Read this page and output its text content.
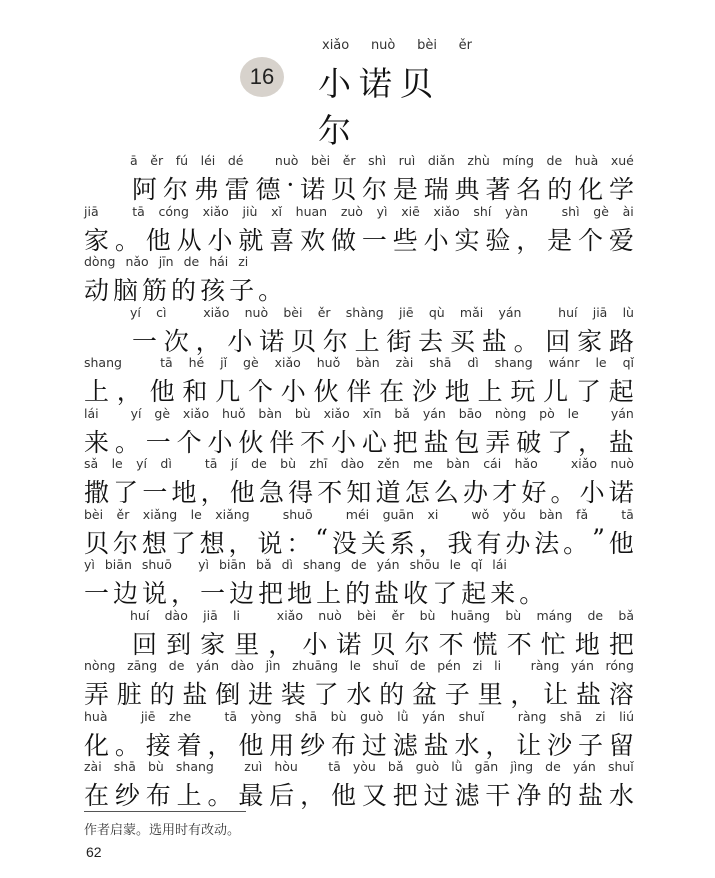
16
xiǎo nuò bèi ěr
小诺贝尔
ā ěr fú léi dé
 	nuò bèi ěr shì ruì diǎn zhù míng de huà xué
阿 尔 弗 雷 德 · 诺 贝 尔 是 瑞 典 著 名 的 化 学
jiā
 	tā cóng xiǎo jiù xǐ huan zuò yì xiē xiǎo shí yàn
 	shì gè ài
家 。 他 从 小 就 喜 欢 做 一 些 小 实 验 ， 是 个 爱
dòng nǎo jīn de hái zi
动 脑 筋 的 孩 子 。
yí cì
 	xiǎo nuò bèi ěr shàng jiē qù mǎi yán
 	huí jiā lù
一 次 ， 小 诺 贝 尔 上 街 去 买 盐 。 回 家 路
shang
 	tā hé jǐ gè xiǎo huǒ bàn zài shā dì shang wánr le qǐ
上 ， 他 和 几 个 小 伙 伴 在 沙 地 上 玩 儿 了 起
lái
 	yí gè xiǎo huǒ bàn bù xiǎo xīn bǎ yán bāo nòng pò le
 	yán
来 。 一 个 小 伙 伴 不 小 心 把 盐 包 弄 破 了 ， 盐
sǎ le yí dì
 	tā jí de bù zhī dào zěn me bàn cái hǎo
 	xiǎo nuò
撒 了 一 地 ， 他 急 得 不 知 道 怎 么 办 才 好 。 小 诺
bèi ěr xiǎng le xiǎng
 	shuō
 	méi guān xi
 	wǒ yǒu bàn fǎ
 	tā
贝 尔 想 了 想 ， 说 ： “ 没 关 系 ， 我 有 办 法 。 ” 他
yì biān shuō
  yì biān bǎ dì shang de yán shōu le qǐ lái
一 边 说 ， 一 边 把 地 上 的 盐 收 了 起 来 。
huí dào jiā li
 	xiǎo nuò bèi ěr bù huāng bù máng de bǎ
回 到 家 里 ， 小 诺 贝 尔 不 慌 不 忙 地 把
nòng zāng de yán dào jìn zhuāng le shuǐ de pén zi li
  ràng yán róng
弄 脏 的 盐 倒 进 装 了 水 的 盆 子 里 ， 让 盐 溶
huà
 	jiē zhe
 	tā yòng shā bù guò lǜ yán shuǐ
 	ràng shā zi liú
化 。 接 着 ， 他 用 纱 布 过 滤 盐 水 ， 让 沙 子 留
zài shā bù shang
  zuì hòu
  tā yòu bǎ guò lǜ gān jìng de yán shuǐ
在 纱 布 上 。 最 后 ， 他 又 把 过 滤 干 净 的 盐 水
作者启蒙。选用时有改动。
62
